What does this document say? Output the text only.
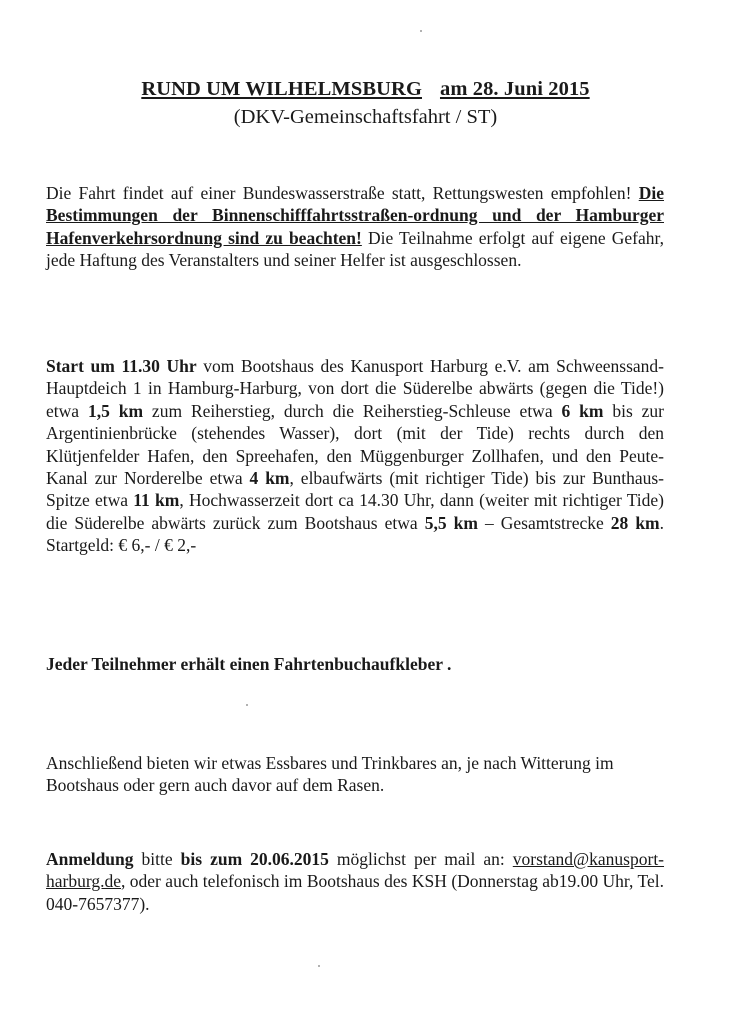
RUND UM WILHELMSBURG am 28. Juni 2015
(DKV-Gemeinschaftsfahrt / ST)

Die Fahrt findet auf einer Bundeswasserstraße statt, Rettungswesten empfohlen! Die Bestimmungen der Binnenschifffahrtsstraßen-ordnung und der Hamburger Hafenverkehrsordnung sind zu beachten! Die Teilnahme erfolgt auf eigene Gefahr, jede Haftung des Veranstalters und seiner Helfer ist ausgeschlossen.

Start um 11.30 Uhr vom Bootshaus des Kanusport Harburg e.V. am Schweenssand-Hauptdeich 1 in Hamburg-Harburg, von dort die Süderelbe abwärts (gegen die Tide!) etwa 1,5 km zum Reiherstieg, durch die Reiherstieg-Schleuse etwa 6 km bis zur Argentinienbrücke (stehendes Wasser), dort (mit der Tide) rechts durch den Klütjenfelder Hafen, den Spreehafen, den Müggenburger Zollhafen, und den Peute-Kanal zur Norderelbe etwa 4 km, elbaufwärts (mit richtiger Tide) bis zur Bunthaus-Spitze etwa 11 km, Hochwasserzeit dort ca 14.30 Uhr, dann (weiter mit richtiger Tide) die Süderelbe abwärts zurück zum Bootshaus etwa 5,5 km – Gesamtstrecke 28 km. Startgeld: € 6,- / € 2,-

Jeder Teilnehmer erhält einen Fahrtenbuchaufkleber .

Anschließend bieten wir etwas Essbares und Trinkbares an, je nach Witterung im Bootshaus oder gern auch davor auf dem Rasen.

Anmeldung bitte bis zum 20.06.2015 möglichst per mail an: vorstand@kanusport-harburg.de, oder auch telefonisch im Bootshaus des KSH (Donnerstag ab19.00 Uhr, Tel. 040-7657377).
